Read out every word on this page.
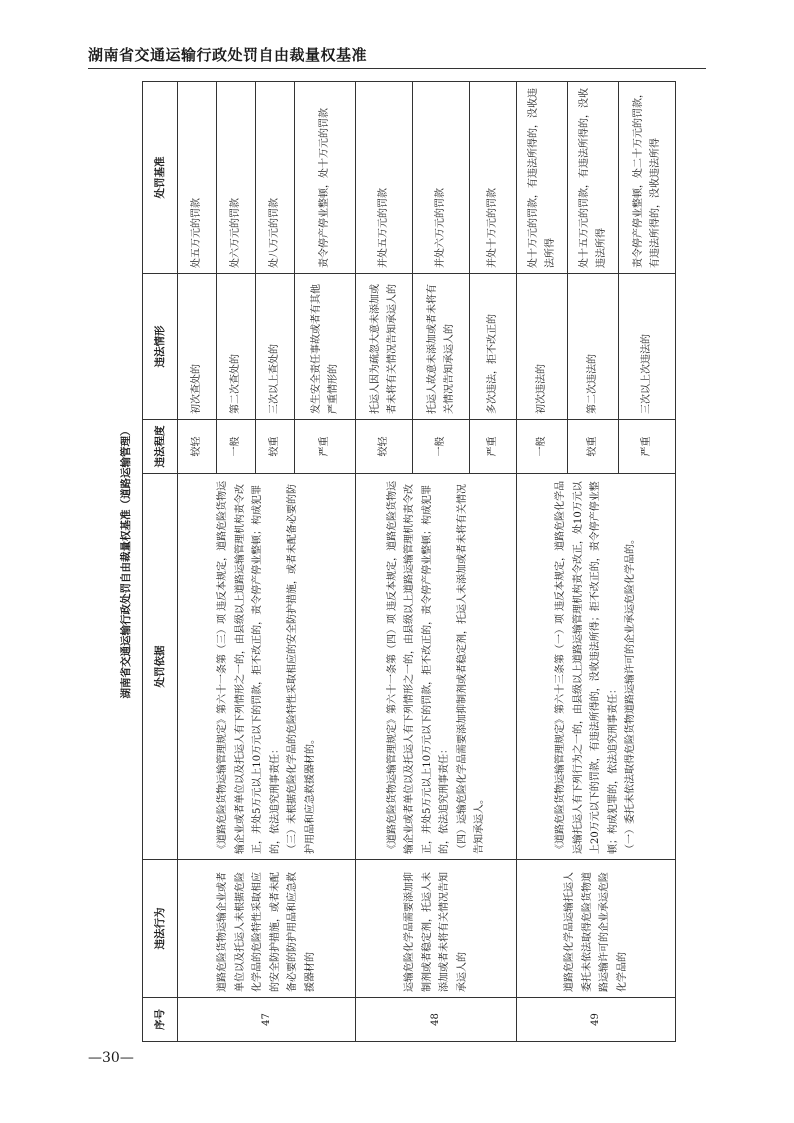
湖南省交通运输行政处罚自由裁量权基准
湖南省交通运输行政处罚自由裁量权基准（道路运输管理）
序号	违法行为	处罚依据	违法程度	违法情形	处罚基准
47	道路危险货物运输企业或者单位以及托运人未根据危险化学品的危险特性采取相应的安全防护措施，或者未配备必要的防护用品和应急救援器材的	《道路危险货物运输管理规定》第六十一条第（三）项 违反本规定，道路危险货物运输企业或者单位以及托运人有下列情形之一的，由县级以上道路运输管理机构责令改正，并处5万元以上10万元以下的罚款，拒不改正的，责令停产停业整顿；构成犯罪的，依法追究刑事责任： （三）未根据危险化学品的危险特性采取相应的安全防护措施，或者未配备必要的防护用品和应急救援器材的。	较轻	初次查处的	处五万元的罚款
			一般	第二次查处的	处六万元的罚款
			较重	三次以上查处的	处八万元的罚款
			严重	发生安全责任事故或者有其他严重情形的	责令停产停业整顿，处十万元的罚款
48	运输危险化学品需要添加抑制剂或者稳定剂，托运人未添加或者未将有关情况告知承运人的	《道路危险货物运输管理规定》第六十一条第（四）项 违反本规定，道路危险货物运输企业或者单位以及托运人有下列情形之一的，由县级以上道路运输管理机构责令改正，并处5万元以上10万元以下的罚款，拒不改正的，责令停产停业整顿；构成犯罪的，依法追究刑事责任： （四）运输危险化学品需要添加抑制剂或者稳定剂，托运人未添加或者未将有关情况告知承运人。	较轻	托运人因为疏忽大意未添加或者未将有关情况告知承运人的	并处五万元的罚款
			一般	托运人故意未添加或者未将有关情况告知承运人的	并处六万元的罚款
			严重	多次违法，拒不改正的	并处十万元的罚款
49	道路危险化学品运输托运人委托未依法取得危险货物道路运输许可的企业承运危险化学品的	《道路危险货物运输管理规定》第六十三条第（一）项 违反本规定，道路危险化学品运输托运人有下列行为之一的，由县级以上道路运输管理机构责令改正，处10万元以上20万元以下的罚款，有违法所得的，没收违法所得；拒不改正的，责令停产停业整顿；构成犯罪的，依法追究刑事责任： （一）委托未依法取得危险货物道路运输许可的企业承运危险化学品的。	一般	初次违法的	处十万元的罚款，有违法所得的，没收违法所得
			较重	第二次违法的	处十五万元的罚款，有违法所得的，没收违法所得
			严重	三次以上次违法的	责令停产停业整顿，处二十万元的罚款，有违法所得的，没收违法所得
—30—
